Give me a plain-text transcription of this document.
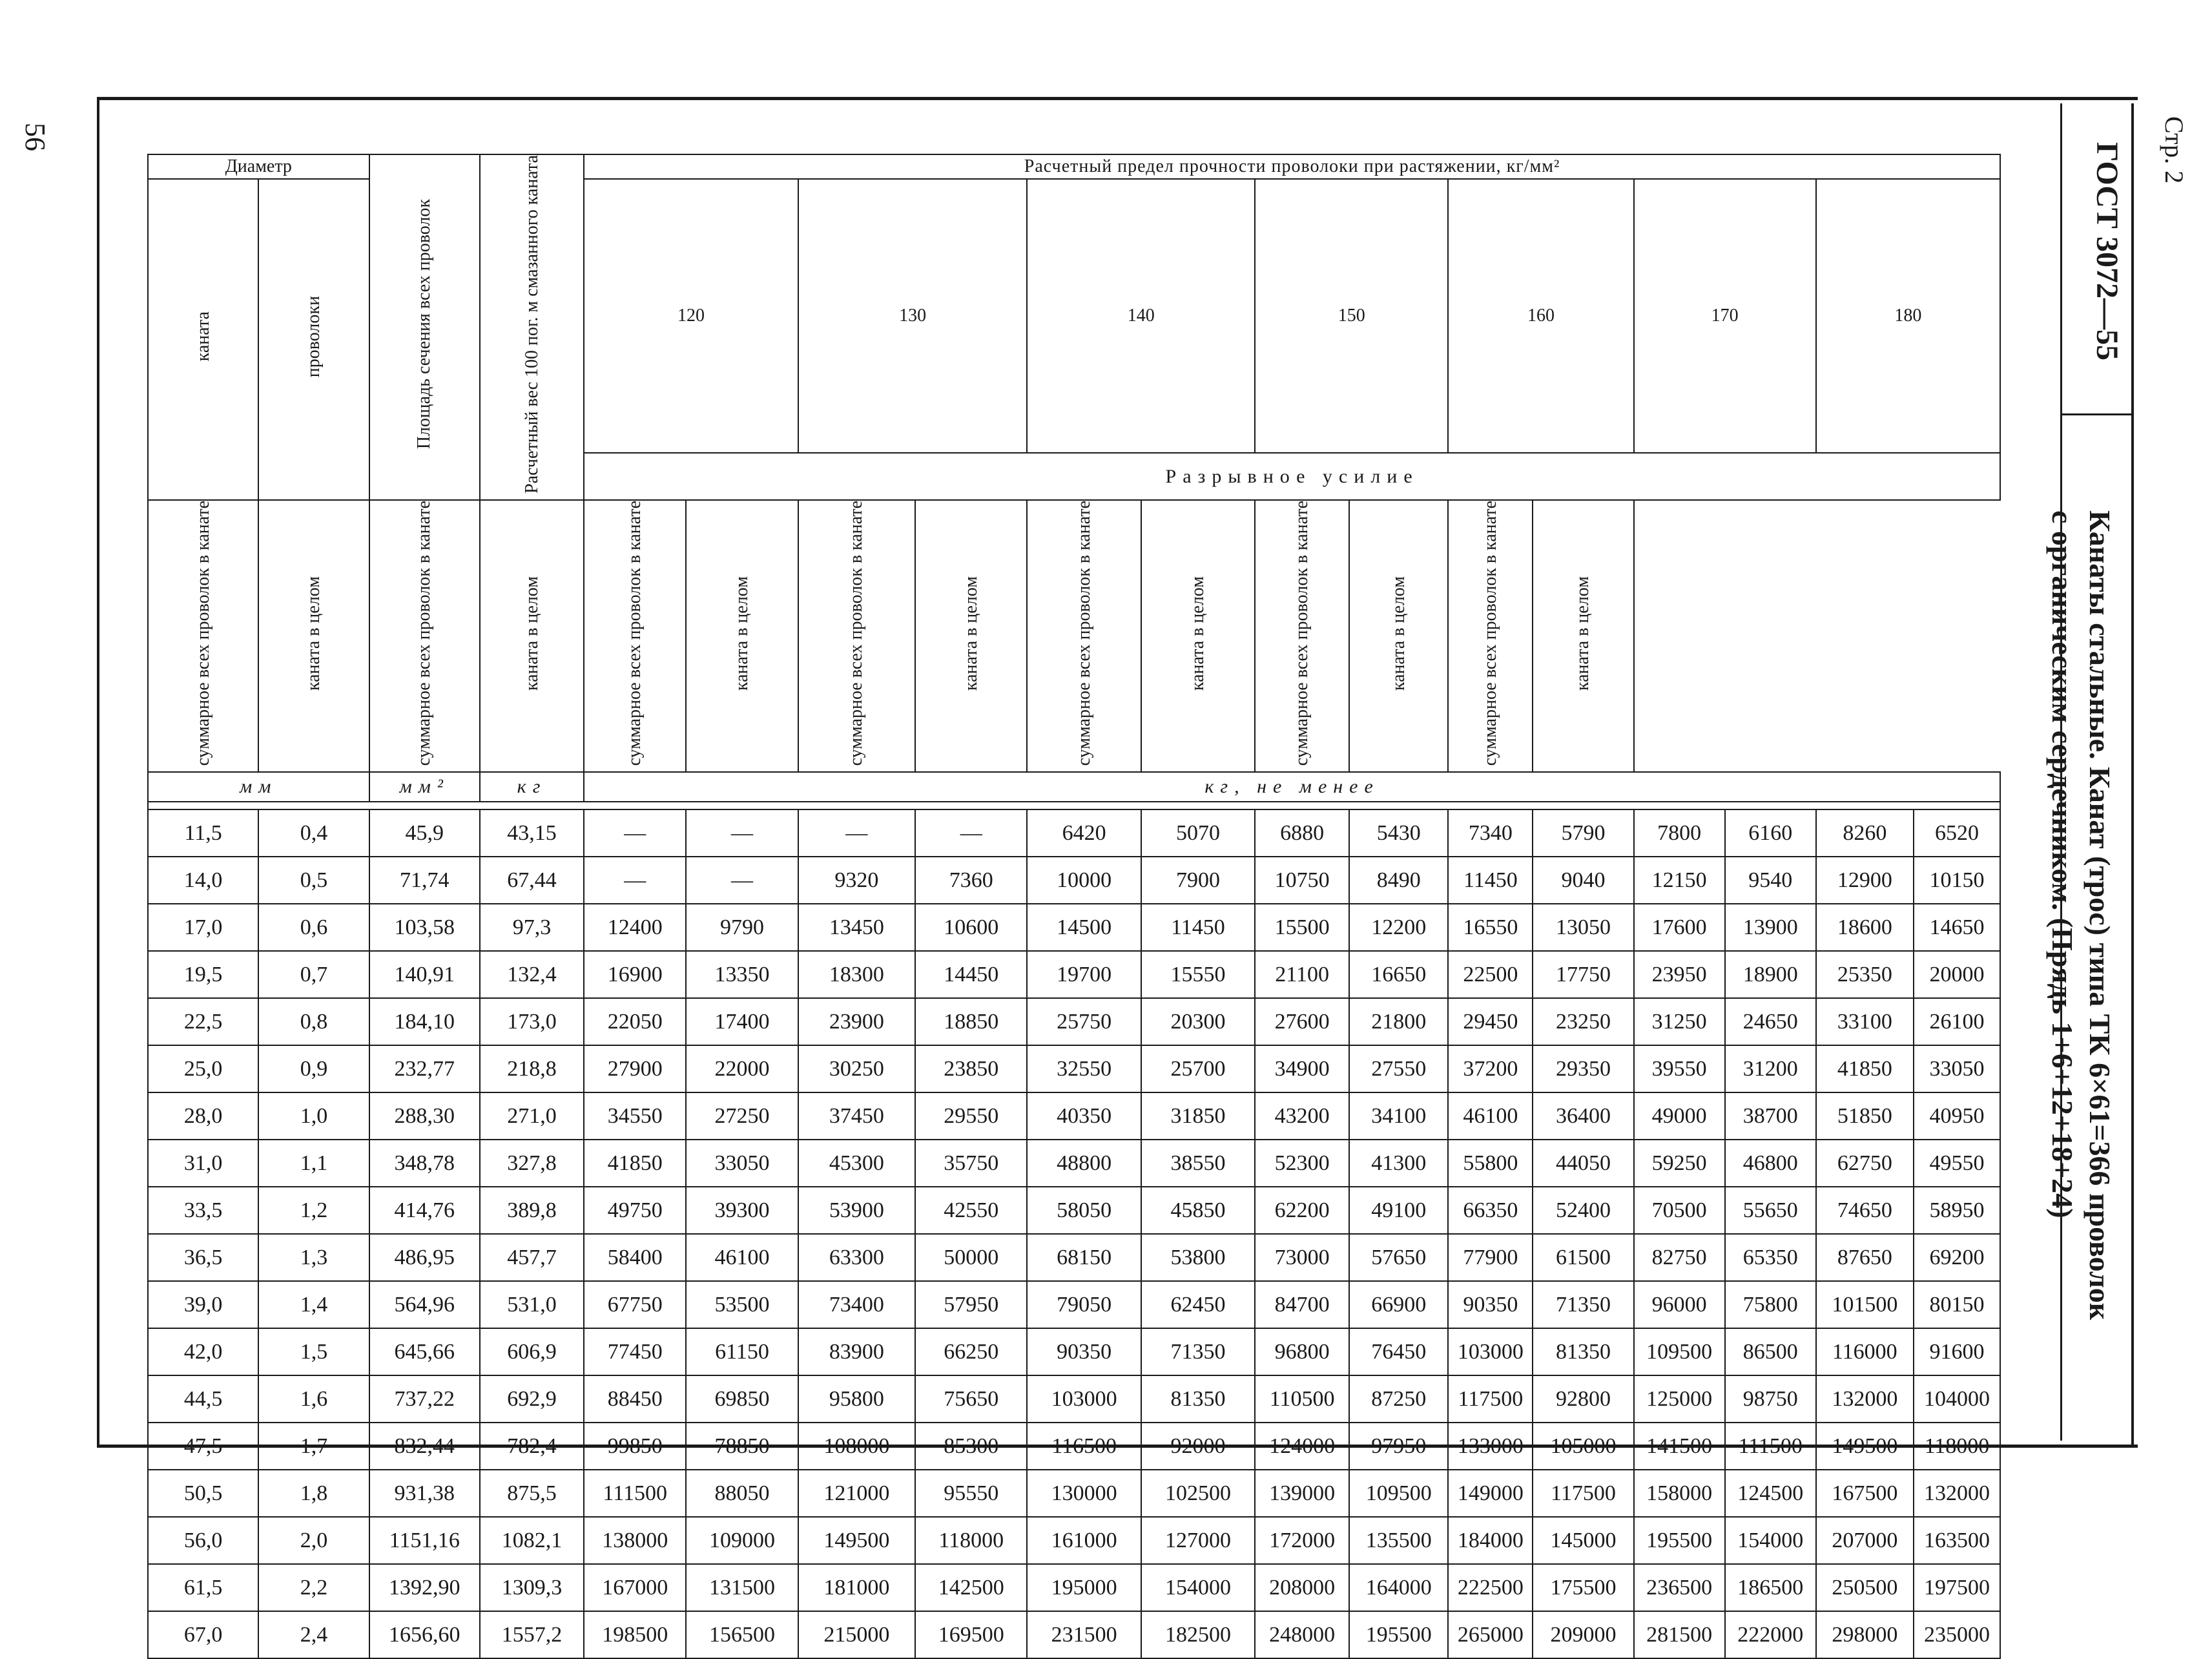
56
ГОСТ 3072—55 Стр. 2
Канаты стальные. Канат (трос) типа ТК 6×61=366 проволок
с органическим сердечником. (Прядь 1+6+12+18+24)
Диаметр		Площадь сечения всех проволок	Расчетный вес 100 пог. м смазанного каната	Расчетный предел прочности проволоки при растяжении, кг/мм²													
каната	проволоки			120		130		140		150		160		170		180	
				Разрывное усилие													
суммарное всех проволок в канате	каната в целом	суммарное всех проволок в канате	каната в целом	суммарное всех проволок в канате	каната в целом	суммарное всех проволок в канате	каната в целом	суммарное всех проволок в канате	каната в целом	суммарное всех проволок в канате	каната в целом	суммарное всех проволок в канате	каната в целом				
мм		мм²	кг	кг, не менее													

11,5	0,4	45,9	43,15	—	—	—	—	6420	5070	6880	5430	7340	5790	7800	6160	8260	6520
14,0	0,5	71,74	67,44	—	—	9320	7360	10000	7900	10750	8490	11450	9040	12150	9540	12900	10150
17,0	0,6	103,58	97,3	12400	9790	13450	10600	14500	11450	15500	12200	16550	13050	17600	13900	18600	14650
19,5	0,7	140,91	132,4	16900	13350	18300	14450	19700	15550	21100	16650	22500	17750	23950	18900	25350	20000
22,5	0,8	184,10	173,0	22050	17400	23900	18850	25750	20300	27600	21800	29450	23250	31250	24650	33100	26100
25,0	0,9	232,77	218,8	27900	22000	30250	23850	32550	25700	34900	27550	37200	29350	39550	31200	41850	33050
28,0	1,0	288,30	271,0	34550	27250	37450	29550	40350	31850	43200	34100	46100	36400	49000	38700	51850	40950
31,0	1,1	348,78	327,8	41850	33050	45300	35750	48800	38550	52300	41300	55800	44050	59250	46800	62750	49550
33,5	1,2	414,76	389,8	49750	39300	53900	42550	58050	45850	62200	49100	66350	52400	70500	55650	74650	58950
36,5	1,3	486,95	457,7	58400	46100	63300	50000	68150	53800	73000	57650	77900	61500	82750	65350	87650	69200
39,0	1,4	564,96	531,0	67750	53500	73400	57950	79050	62450	84700	66900	90350	71350	96000	75800	101500	80150
42,0	1,5	645,66	606,9	77450	61150	83900	66250	90350	71350	96800	76450	103000	81350	109500	86500	116000	91600
44,5	1,6	737,22	692,9	88450	69850	95800	75650	103000	81350	110500	87250	117500	92800	125000	98750	132000	104000
47,5	1,7	832,44	782,4	99850	78850	108000	85300	116500	92000	124000	97950	133000	105000	141500	111500	149500	118000
50,5	1,8	931,38	875,5	111500	88050	121000	95550	130000	102500	139000	109500	149000	117500	158000	124500	167500	132000
56,0	2,0	1151,16	1082,1	138000	109000	149500	118000	161000	127000	172000	135500	184000	145000	195500	154000	207000	163500
61,5	2,2	1392,90	1309,3	167000	131500	181000	142500	195000	154000	208000	164000	222500	175500	236500	186500	250500	197500
67,0	2,4	1656,60	1557,2	198500	156500	215000	169500	231500	182500	248000	195500	265000	209000	281500	222000	298000	235000
